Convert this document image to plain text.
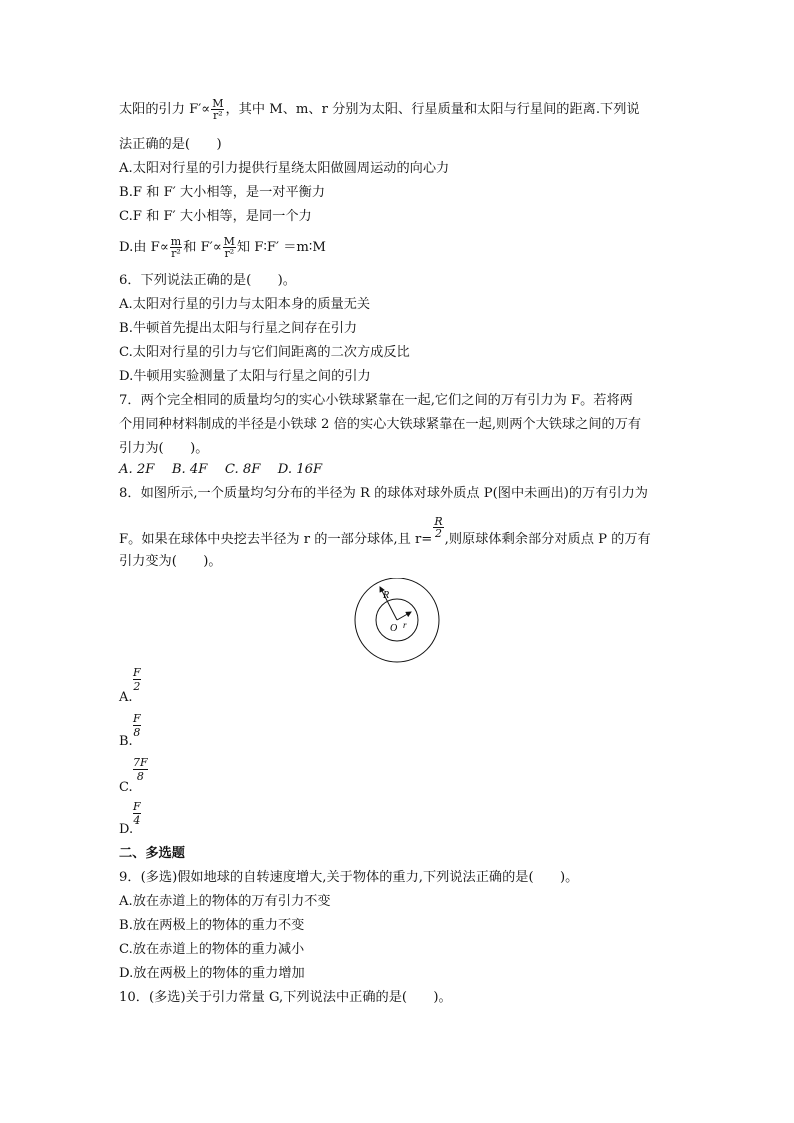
太阳的引力 $F'\propto \frac{M}{\text{r²}}$ ，其中 M、m、r 分别为太阳、行星质量和太阳与行星间的距离.下列说
法正确的是(　　)
A.太阳对行星的引力提供行星绕太阳做圆周运动的向心力
B.F 和 F′ 大小相等，是一对平衡力
C.F 和 F′ 大小相等，是同一个力
D.由 $F\propto \frac{m}{\text{r²}}$ 和 $F'\propto \frac{M}{\text{r²}}$ 知 F∶F′ ＝m∶M
6．下列说法正确的是(　　)。
A.太阳对行星的引力与太阳本身的质量无关
B.牛顿首先提出太阳与行星之间存在引力
C.太阳对行星的引力与它们间距离的二次方成反比
D.牛顿用实验测量了太阳与行星之间的引力
7．两个完全相同的质量均匀的实心小铁球紧靠在一起,它们之间的万有引力为 F。若将两
个用同种材料制成的半径是小铁球 2 倍的实心大铁球紧靠在一起,则两个大铁球之间的万有
引力为(　　)。
A. 2F　 B. 4F　 C. 8F　 D. 16F
8．如图所示,一个质量均匀分布的半径为 R 的球体对球外质点 P(图中未画出)的万有引力为
F。如果在球体中央挖去半径为 r 的一部分球体,且 r=
$\frac{R}{2}$
,则原球体剩余部分对质点 P 的万有
引力变为(　　)。
R
O r
$\frac{F}{2}$
A.
$\frac{F}{8}$
B.
$\frac{7F}{8}$
C.
$\frac{F}{4}$
D.
二、多选题
9．(多选)假如地球的自转速度增大,关于物体的重力,下列说法正确的是(　　)。
A.放在赤道上的物体的万有引力不变
B.放在两极上的物体的重力不变
C.放在赤道上的物体的重力减小
D.放在两极上的物体的重力增加
10．(多选)关于引力常量 G,下列说法中正确的是(　　)。
